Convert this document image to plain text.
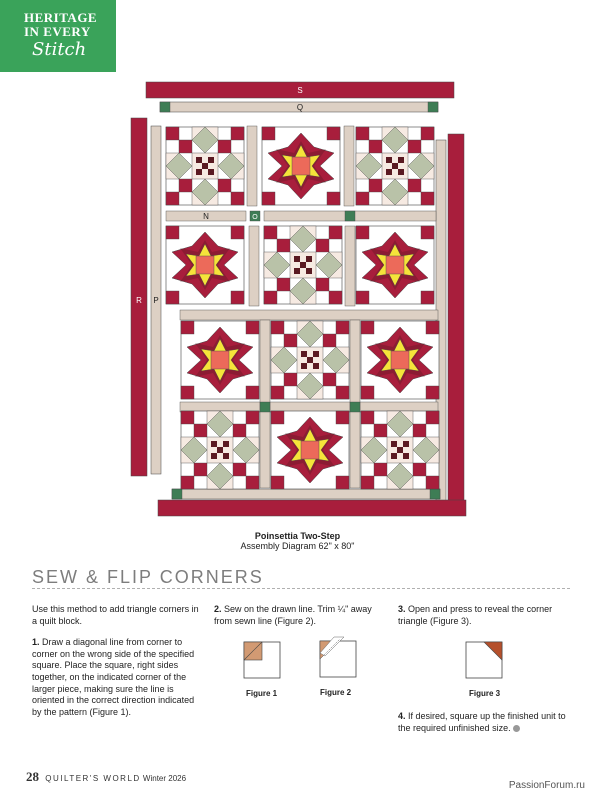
HERITAGE
IN EVERY
Stitch
S
Q
N	O
R P
Poinsettia Two-Step
Assembly Diagram 62" x 80"
SEW & FLIP CORNERS
Use this method to add triangle corners in a quilt block.
1. Draw a diagonal line from corner to corner on the wrong side of the specified square. Place the square, right sides together, on the indicated corner of the larger piece, making sure the line is oriented in the correct direction indicated by the pattern (Figure 1).
2. Sew on the drawn line. Trim ¼" away from sewn line (Figure 2).
3. Open and press to reveal the corner triangle (Figure 3).
4. If desired, square up the finished unit to the required unfinished size.
Figure 1	Figure 2	Figure 3
28 QUILTER'S WORLD Winter 2026
PassionForum.ru
